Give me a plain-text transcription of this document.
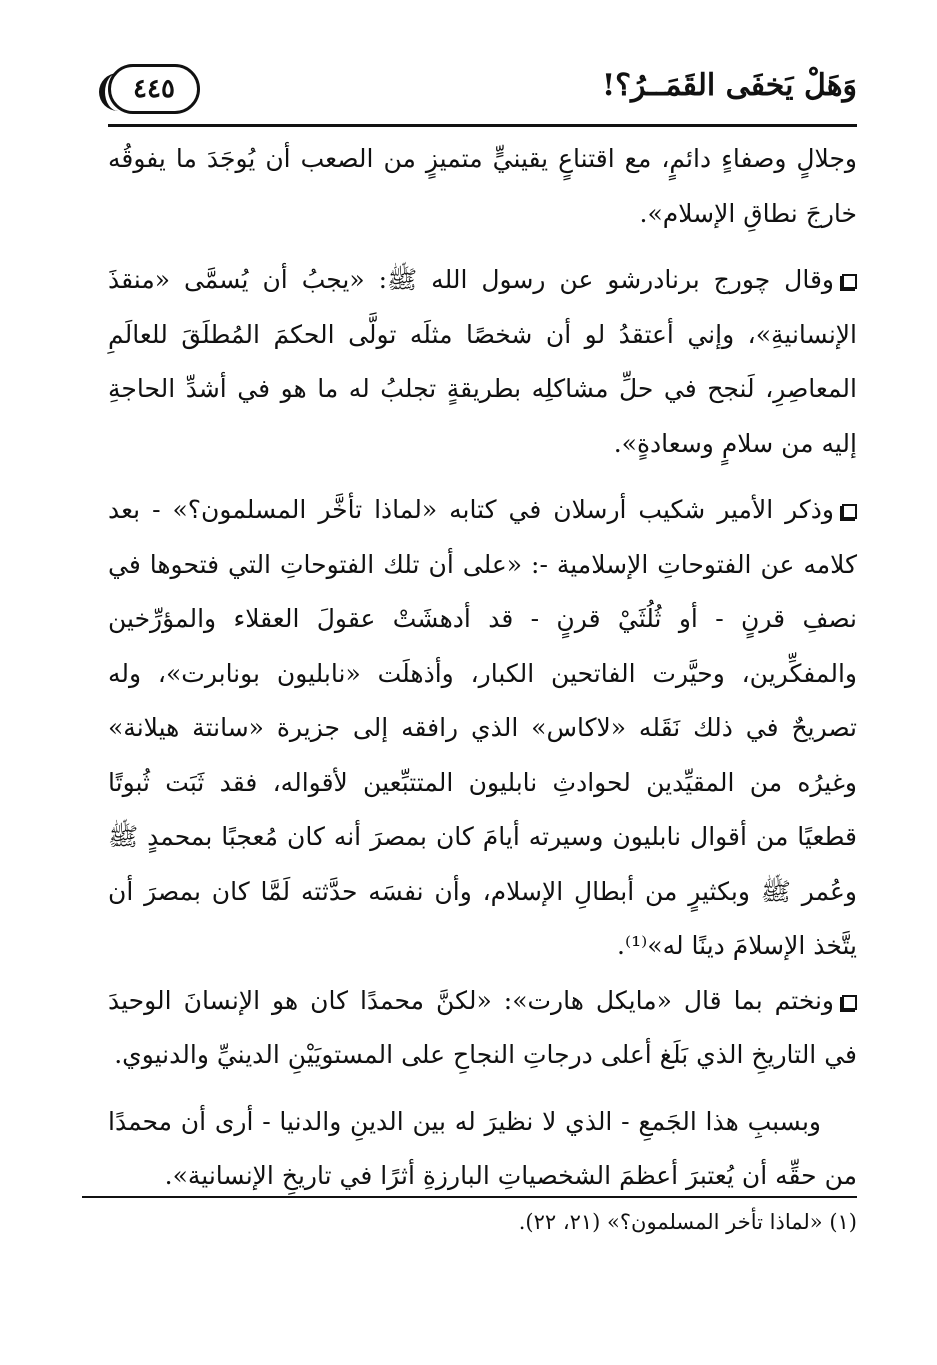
وَهَلْ يَخفَى القَمَــرُ؟!
٤٤٥

وجلالٍ وصفاءٍ دائمٍ، مع اقتناعٍ يقينيٍّ متميزٍ من الصعب أن يُوجَدَ ما يفوقُه خارجَ نطاقِ الإسلام».

وقال چورج برنادرشو عن رسول الله ﷺ: «يجبُ أن يُسمَّى «منقذَ الإنسانيةِ»، وإني أعتقدُ لو أن شخصًا مثلَه تولَّى الحكمَ المُطلَقَ للعالَمِ المعاصِرِ، لَنجح في حلِّ مشاكلِه بطريقةٍ تجلبُ له ما هو في أشدِّ الحاجةِ إليه من سلامٍ وسعادةٍ».

وذكر الأمير شكيب أرسلان في كتابه «لماذا تأخَّر المسلمون؟» - بعد كلامه عن الفتوحاتِ الإسلامية -: «على أن تلك الفتوحاتِ التي فتحوها في نصفِ قرنٍ - أو ثُلُثَيْ قرنٍ - قد أدهشَتْ عقولَ العقلاء والمؤرِّخين والمفكِّرين، وحيَّرت الفاتحين الكبار، وأذهلَت «نابليون بونابرت»، وله تصريحٌ في ذلك نَقَله «لاكاس» الذي رافقه إلى جزيرة «سانتة هيلانة» وغيرُه من المقيِّدين لحوادثِ نابليون المتتبِّعين لأقواله، فقد ثَبَت ثُبوتًا قطعيًا من أقوال نابليون وسيرته أيامَ كان بمصرَ أنه كان مُعجبًا بمحمدٍ ﷺ وعُمر ﷺ وبكثيرٍ من أبطالِ الإسلام، وأن نفسَه حدَّثته لَمَّا كان بمصرَ أن يتَّخذ الإسلامَ دينًا له»⁽¹⁾.

ونختم بما قال «مايكل هارت»: «لكنَّ محمدًا كان هو الإنسانَ الوحيدَ في التاريخِ الذي بَلَغ أعلى درجاتِ النجاحِ على المستويَيْنِ الدينيِّ والدنيوي.

وبسببِ هذا الجَمعِ - الذي لا نظيرَ له بين الدينِ والدنيا - أرى أن محمدًا من حقِّه أن يُعتبرَ أعظمَ الشخصياتِ البارزةِ أثرًا في تاريخِ الإنسانية».

(١) «لماذا تأخر المسلمون؟» (٢١، ٢٢).
